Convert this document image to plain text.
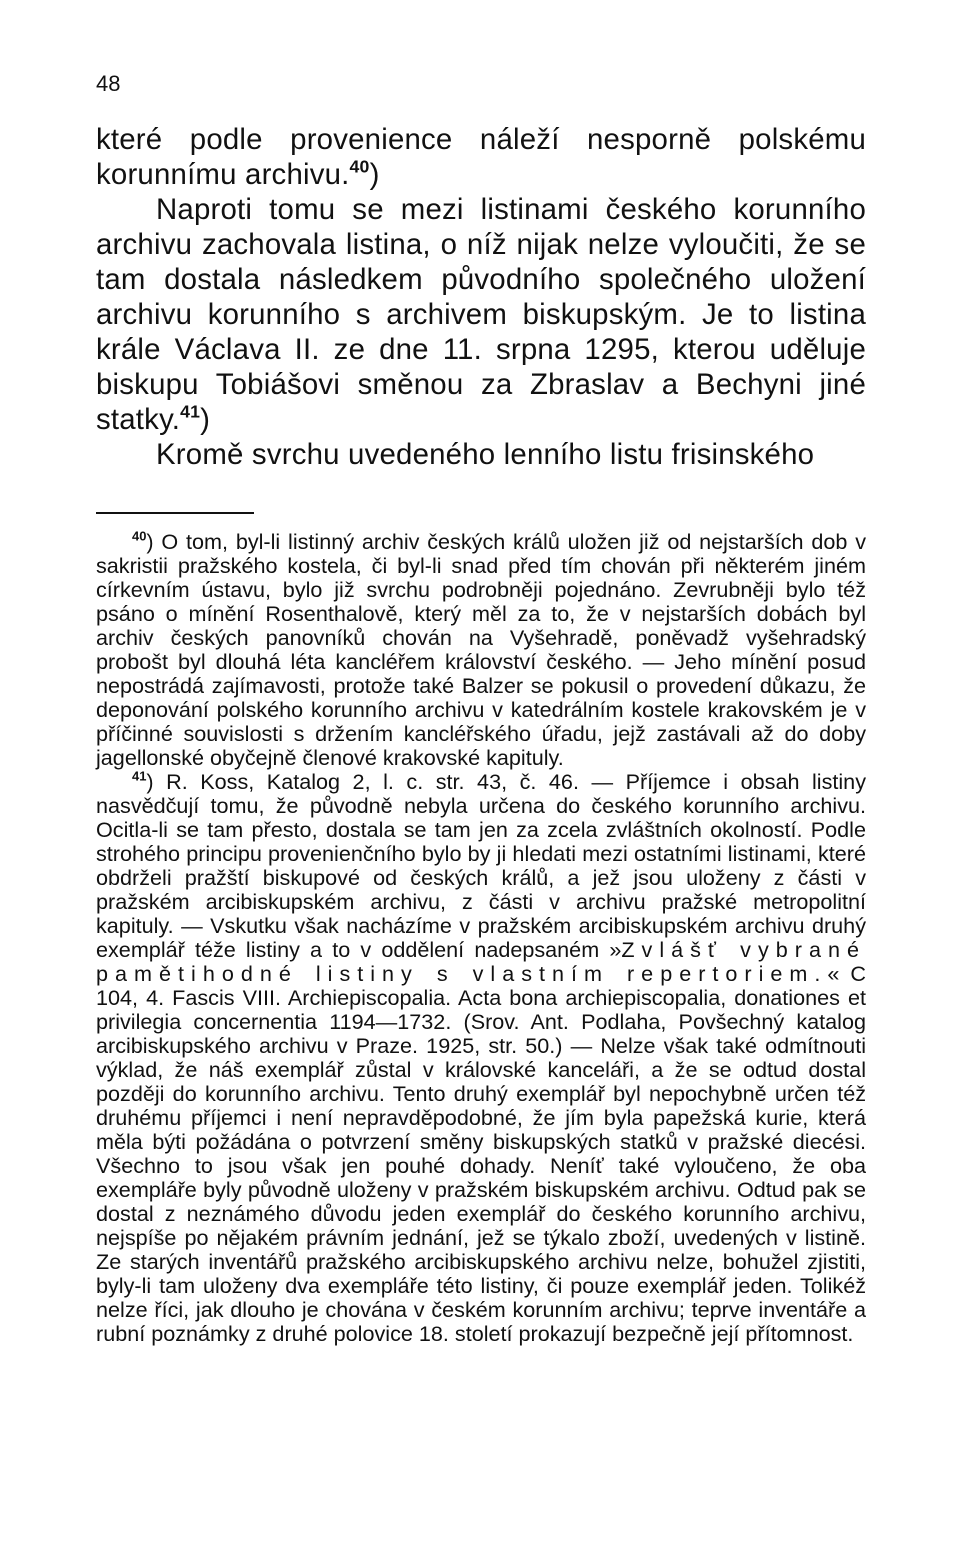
48

které podle provenience náleží nesporně polskému korunnímu archivu.$^{40}$)

Naproti tomu se mezi listinami českého korunního archivu zachovala listina, o níž nijak nelze vyloučiti, že se tam dostala následkem původního společného uložení archivu korunního s archivem biskupským. Je to listina krále Václava II. ze dne 11. srpna 1295, kterou uděluje biskupu Tobiášovi směnou za Zbraslav a Bechyni jiné statky.$^{41}$)

Kromě svrchu uvedeného lenního listu frisinského

$^{40}$) O tom, byl-li listinný archiv českých králů uložen již od nejstarších dob v sakristii pražského kostela, či byl-li snad před tím chován při některém jiném církevním ústavu, bylo již svrchu podrobněji pojednáno. Zevrubněji bylo též psáno o mínění Rosenthalově, který měl za to, že v nejstarších dobách byl archiv českých panovníků chován na Vyšehradě, poněvadž vyšehradský probošt byl dlouhá léta kancléřem království českého. — Jeho mínění posud nepostrádá zajímavosti, protože také Balzer se pokusil o provedení důkazu, že deponování polského korunního archivu v katedrálním kostele krakovském je v příčinné souvislosti s držením kancléřského úřadu, jejž zastávali až do doby jagellonské obyčejně členové krakovské kapituly.

$^{41}$) R. Koss, Katalog 2, l. c. str. 43, č. 46. — Příjemce i obsah listiny nasvědčují tomu, že původně nebyla určena do českého korunního archivu. Ocitla-li se tam přesto, dostala se tam jen za zcela zvláštních okolností. Podle strohého principu provenienčního bylo by ji hledati mezi ostatními listinami, které obdrželi pražští biskupové od českých králů, a jež jsou uloženy z části v pražském arcibiskupském archivu, z části v archivu pražské metropolitní kapituly. — Vskutku však nacházíme v pražském arcibiskupském archivu druhý exemplář téže listiny a to v oddělení nadepsaném »Zvlášť vybrané pamětihodné listiny s vlastním repertoriem.« C 104, 4. Fascis VIII. Archiepiscopalia. Acta bona archiepiscopalia, donationes et privilegia concernentia 1194—1732. (Srov. Ant. Podlaha, Povšechný katalog arcibiskupského archivu v Praze. 1925, str. 50.) — Nelze však také odmítnouti výklad, že náš exemplář zůstal v královské kanceláři, a že se odtud dostal později do korunního archivu. Tento druhý exemplář byl nepochybně určen též druhému příjemci i není nepravděpodobné, že jím byla papežská kurie, která měla býti požádána o potvrzení směny biskupských statků v pražské diecési. Všechno to jsou však jen pouhé dohady. Neníť také vyloučeno, že oba exempláře byly původně uloženy v pražském biskupském archivu. Odtud pak se dostal z neznámého důvodu jeden exemplář do českého korunního archivu, nejspíše po nějakém právním jednání, jež se týkalo zboží, uvedených v listině. Ze starých inventářů pražského arcibiskupského archivu nelze, bohužel zjistiti, byly-li tam uloženy dva exempláře této listiny, či pouze exemplář jeden. Tolikéž nelze říci, jak dlouho je chována v českém korunním archivu; teprve inventáře a rubní poznámky z druhé polovice 18. století prokazují bezpečně její přítomnost.
